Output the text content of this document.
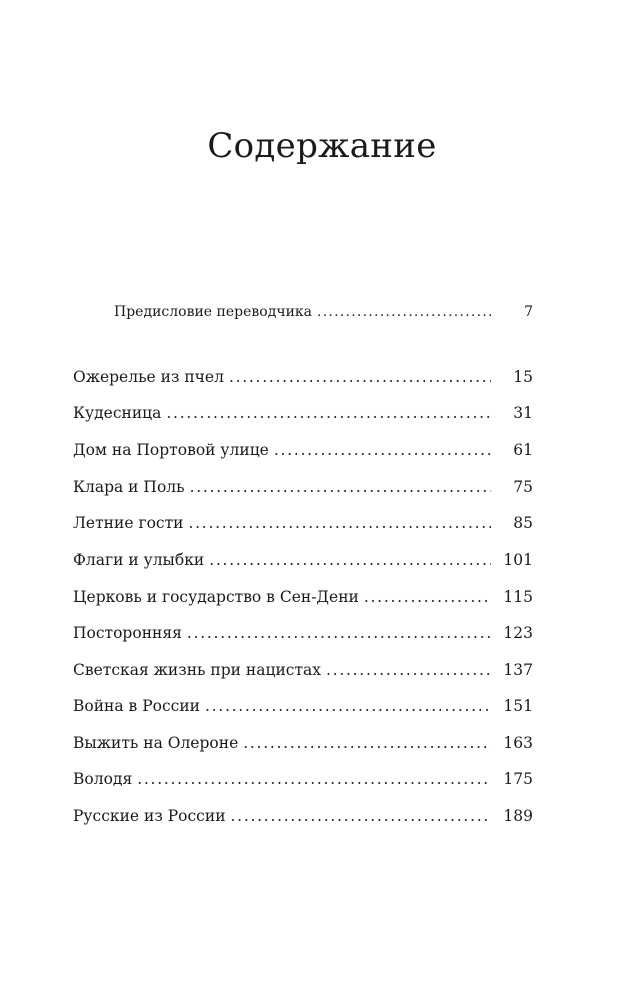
Содержание
Предисловие переводчика . . .	7
Ожерелье из пчел . . .	15
Кудесница . . .	31
Дом на Портовой улице . . .	61
Клара и Поль . . .	75
Летние гости . . .	85
Флаги и улыбки . . .	101
Церковь и государство в Сен-Дени . . .	115
Посторонняя . . .	123
Светская жизнь при нацистах . . .	137
Война в России . . .	151
Выжить на Олероне . . .	163
Володя . . .	175
Русские из России . . .	189
